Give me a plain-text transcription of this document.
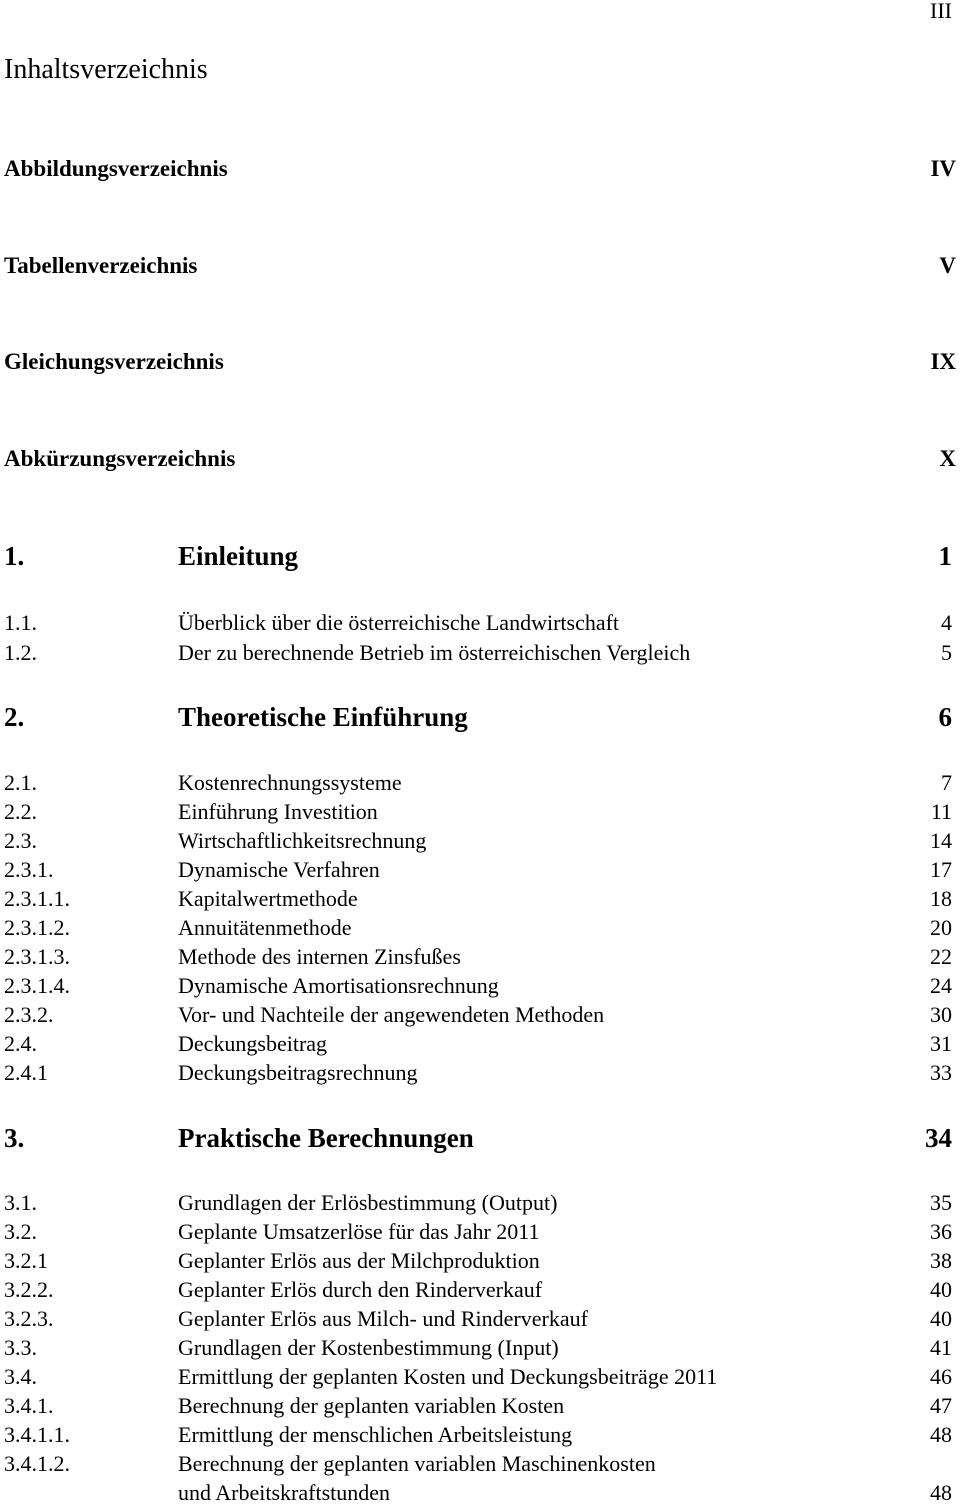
III
Inhaltsverzeichnis
Abbildungsverzeichnis	IV
Tabellenverzeichnis	V
Gleichungsverzeichnis	IX
Abkürzungsverzeichnis	X
1.	Einleitung	1
1.1.	Überblick über die österreichische Landwirtschaft	4
1.2.	Der zu berechnende Betrieb im österreichischen Vergleich	5
2.	Theoretische Einführung	6
2.1.	Kostenrechnungssysteme	7
2.2.	Einführung Investition	11
2.3.	Wirtschaftlichkeitsrechnung	14
2.3.1.	Dynamische Verfahren	17
2.3.1.1.	Kapitalwertmethode	18
2.3.1.2.	Annuitätenmethode	20
2.3.1.3.	Methode des internen Zinsfußes	22
2.3.1.4.	Dynamische Amortisationsrechnung	24
2.3.2.	Vor- und Nachteile der angewendeten Methoden	30
2.4.	Deckungsbeitrag	31
2.4.1	Deckungsbeitragsrechnung	33
3.	Praktische Berechnungen	34
3.1.	Grundlagen der Erlösbestimmung (Output)	35
3.2.	Geplante Umsatzerlöse für das Jahr 2011	36
3.2.1	Geplanter Erlös aus der Milchproduktion	38
3.2.2.	Geplanter Erlös durch den Rinderverkauf	40
3.2.3.	Geplanter Erlös aus Milch- und Rinderverkauf	40
3.3.	Grundlagen der Kostenbestimmung (Input)	41
3.4.	Ermittlung der geplanten Kosten und Deckungsbeiträge 2011	46
3.4.1.	Berechnung der geplanten variablen Kosten	47
3.4.1.1.	Ermittlung der menschlichen Arbeitsleistung	48
3.4.1.2.	Berechnung der geplanten variablen Maschinenkosten
und Arbeitskraftstunden	48
